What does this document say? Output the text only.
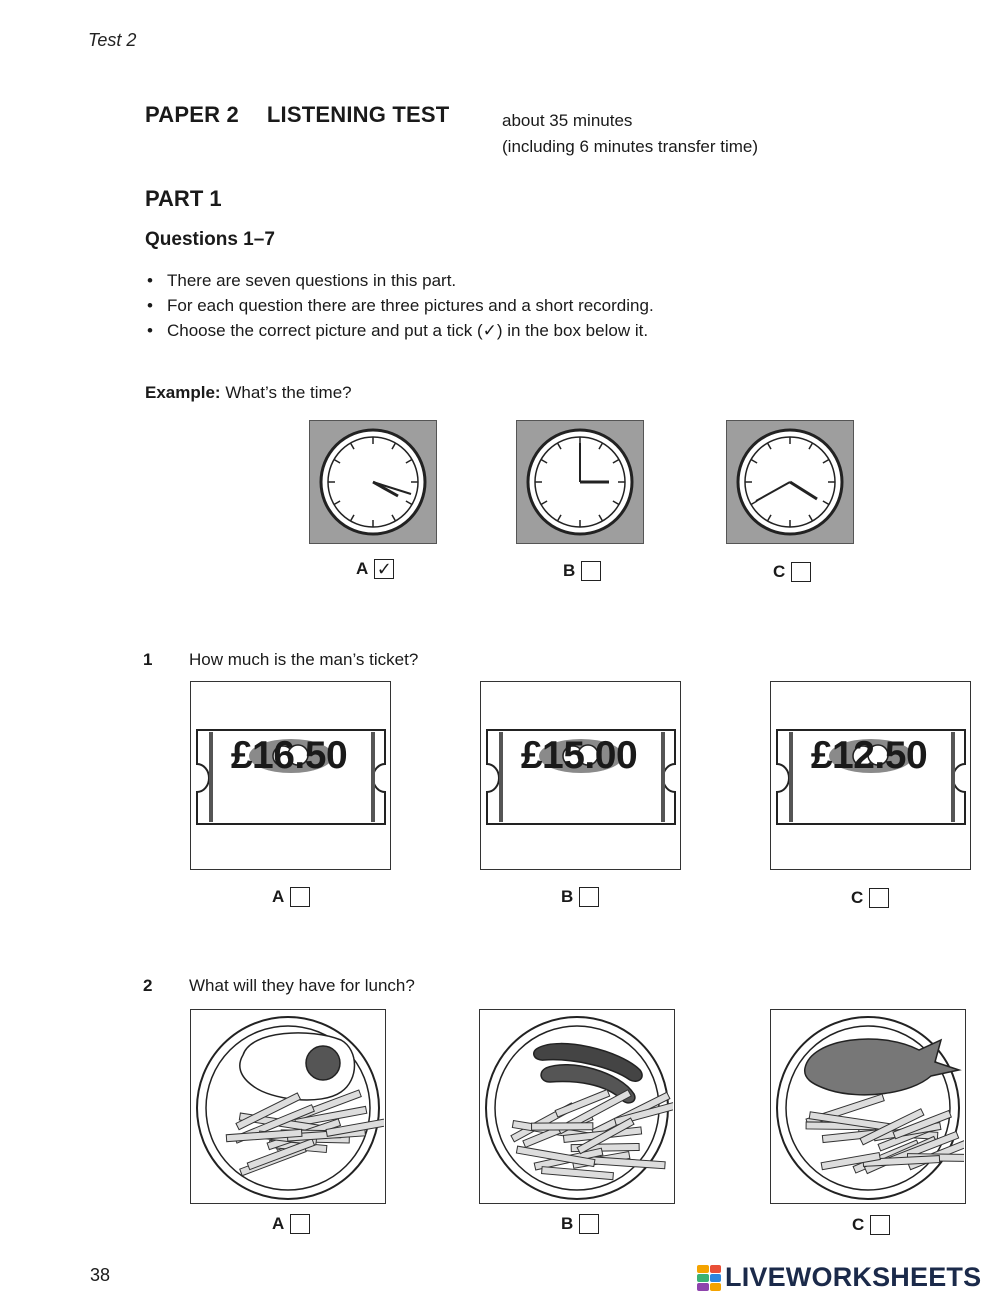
Test 2
PAPER 2 LISTENING TEST	about 35 minutes
(including 6 minutes transfer time)
PART 1
Questions 1–7
• There are seven questions in this part.
• For each question there are three pictures and a short recording.
• Choose the correct picture and put a tick (✓) in the box below it.
Example: What’s the time?
A ✓	B	C
1 How much is the man’s ticket?
£16.50	£15.00	£12.50
A	B	C
2 What will they have for lunch?
A	B	C
38	LIVEWORKSHEETS
